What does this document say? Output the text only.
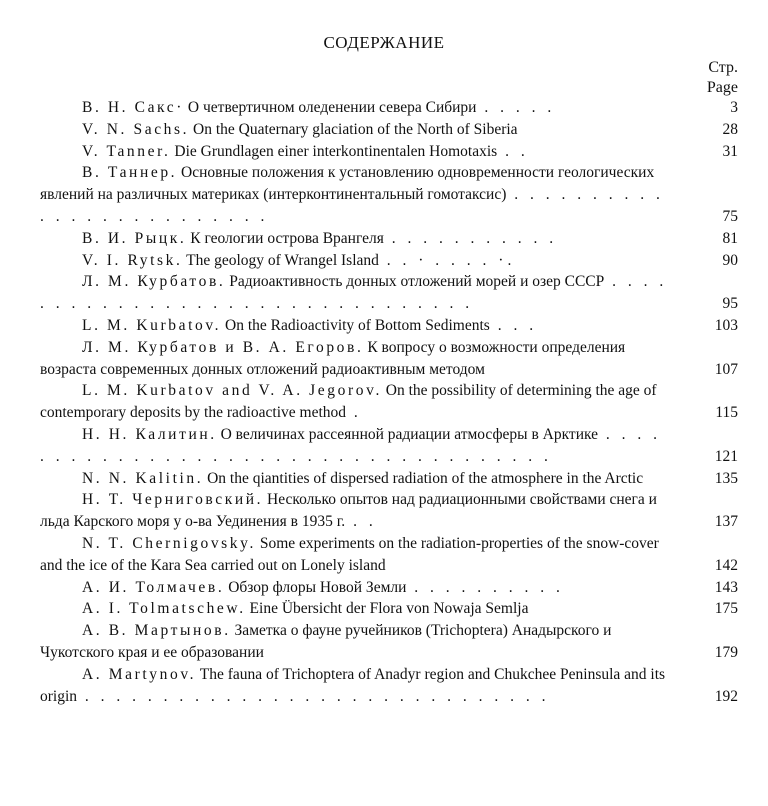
СОДЕРЖАНИЕ
Стр.
Page
В. Н. Сакс· О четвертичном оледенении севера Сибири . . . . .	3
V. N. Sachs. On the Quaternary glaciation of the North of Siberia	28
V. Tanner. Die Grundlagen einer interkontinentalen Homotaxis . .	31
В. Таннер. Основные положения к установлению одновременности геологических явлений на различных материках (интерконтинентальный гомотаксис) . . . . . . . . . . . . . . . . . . . . . . . . .	75
В. И. Рыцк. К геологии острова Врангеля . . . . . . . . . . .	81
V. I. Rytsk. The geology of Wrangel Island . . · . . . . ·.	90
Л. М. Курбатов. Радиоактивность донных отложений морей и озер СССР . . . . . . . . . . . . . . . . . . . . . . . . . . . . . . . .	95
L. M. Kurbatov. On the Radioactivity of Bottom Sediments . . .	103
Л. М. Курбатов и В. А. Егоров. К вопросу о возможности определения возраста современных донных отложений радиоактивным методом	107
L. M. Kurbatov and V. A. Jegorov. On the possibility of determining the age of contemporary deposits by the radioactive method .	115
Н. Н. Калитин. О величинах рассеянной радиации атмосферы в Арктике . . . . . . . . . . . . . . . . . . . . . . . . . . . . . . . . . . . . .	121
N. N. Kalitin. On the qiantities of dispersed radiation of the atmosphere in the Arctic	135
Н. Т. Черниговский. Несколько опытов над радиационными свойствами снега и льда Карского моря у о-ва Уединения в 1935 г. . .	137
N. T. Chernigovsky. Some experiments on the radiation-properties of the snow-cover and the ice of the Kara Sea carried out on Lonely island	142
А. И. Толмачев. Обзор флоры Новой Земли . . . . . . . . . .	143
A. I. Tolmatschew. Eine Übersicht der Flora von Nowaja Semlja	175
А. В. Мартынов. Заметка о фауне ручейников (Trichoptera) Анадырского и Чукотского края и ее образовании	179
A. Martynov. The fauna of Trichoptera of Anadyr region and Chukchee Peninsula and its origin . . . . . . . . . . . . . . . . . . . . . . . . . . . . . .	192
